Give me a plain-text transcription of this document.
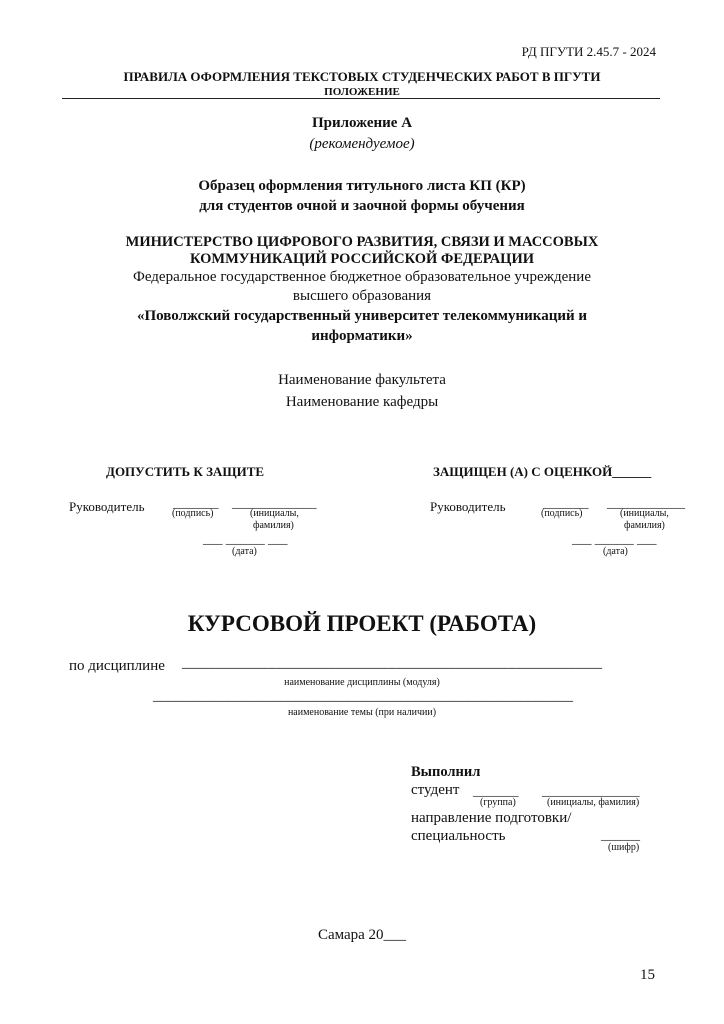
РД ПГУТИ 2.45.7 - 2024
ПРАВИЛА ОФОРМЛЕНИЯ ТЕКСТОВЫХ СТУДЕНЧЕСКИХ РАБОТ В ПГУТИ
ПОЛОЖЕНИЕ
Приложение А
(рекомендуемое)
Образец оформления титульного листа КП (КР)
для студентов очной и заочной формы обучения
МИНИСТЕРСТВО ЦИФРОВОГО РАЗВИТИЯ, СВЯЗИ И МАССОВЫХ
КОММУНИКАЦИЙ РОССИЙСКОЙ ФЕДЕРАЦИИ
Федеральное государственное бюджетное образовательное учреждение
высшего образования
«Поволжский государственный университет телекоммуникаций и
информатики»
Наименование факультета
Наименование кафедры
ДОПУСТИТЬ К ЗАЩИТЕ
Руководитель _______ _____________
(подпись)	(инициалы,
фамилия)
___ ______ ___
(дата)
ЗАЩИЩЕН (А) С ОЦЕНКОЙ______
Руководитель	_______ ____________
(подпись)	(инициалы,
фамилия)
___ ______ ___
(дата)
КУРСОВОЙ ПРОЕКТ (РАБОТА)
по дисциплине ________________________________________________________
наименование дисциплины (модуля)
________________________________________________________
наименование темы (при наличии)
Выполнил
студент _______ _______________
(группа)	(инициалы, фамилия)
направление подготовки/
специальность	______
(шифр)
Самара 20___
15
